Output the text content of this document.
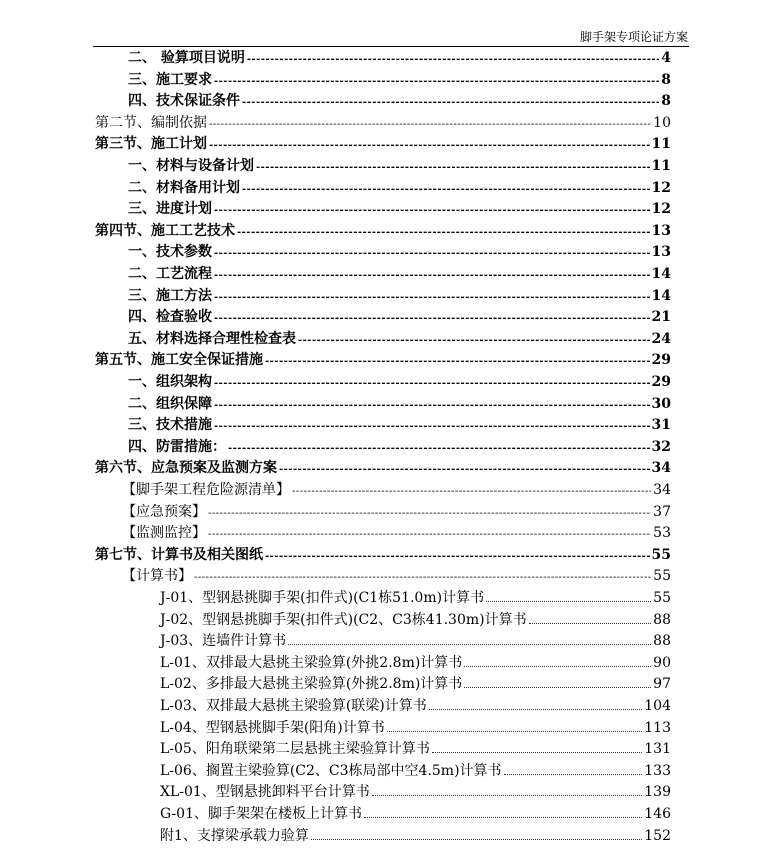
脚手架专项论证方案
二、 验算项目说明 -----	4
三、施工要求 -----	8
四、技术保证条件 -----	8
第二节、编制依据 -----	10
第三节、施工计划 -----	11
一、材料与设备计划 -----	11
二、材料备用计划 -----	12
三、进度计划 -----	12
第四节、施工工艺技术 -----	13
一、技术参数 -----	13
二、工艺流程 -----	14
三、施工方法 -----	14
四、检查验收 -----	21
五、材料选择合理性检查表 -----	24
第五节、施工安全保证措施 -----	29
一、组织架构 -----	29
二、组织保障 -----	30
三、技术措施 -----	31
四、防雷措施： -----	32
第六节、应急预案及监测方案 -----	34
【脚手架工程危险源清单】 -----	34
【应急预案】 -----	37
【监测监控】 -----	53
第七节、计算书及相关图纸 -----	55
【计算书】 -----	55
J-01、型钢悬挑脚手架(扣件式)(C1栋51.0m)计算书	55
J-02、型钢悬挑脚手架(扣件式)(C2、C3栋41.30m)计算书	88
J-03、连墙件计算书	88
L-01、双排最大悬挑主梁验算(外挑2.8m)计算书	90
L-02、多排最大悬挑主梁验算(外挑2.8m)计算书	97
L-03、双排最大悬挑主梁验算(联梁)计算书	104
L-04、型钢悬挑脚手架(阳角)计算书	113
L-05、阳角联梁第二层悬挑主梁验算计算书	131
L-06、搁置主梁验算(C2、C3栋局部中空4.5m)计算书	133
XL-01、型钢悬挑卸料平台计算书	139
G-01、脚手架架在楼板上计算书	146
附1、支撑梁承载力验算	152
